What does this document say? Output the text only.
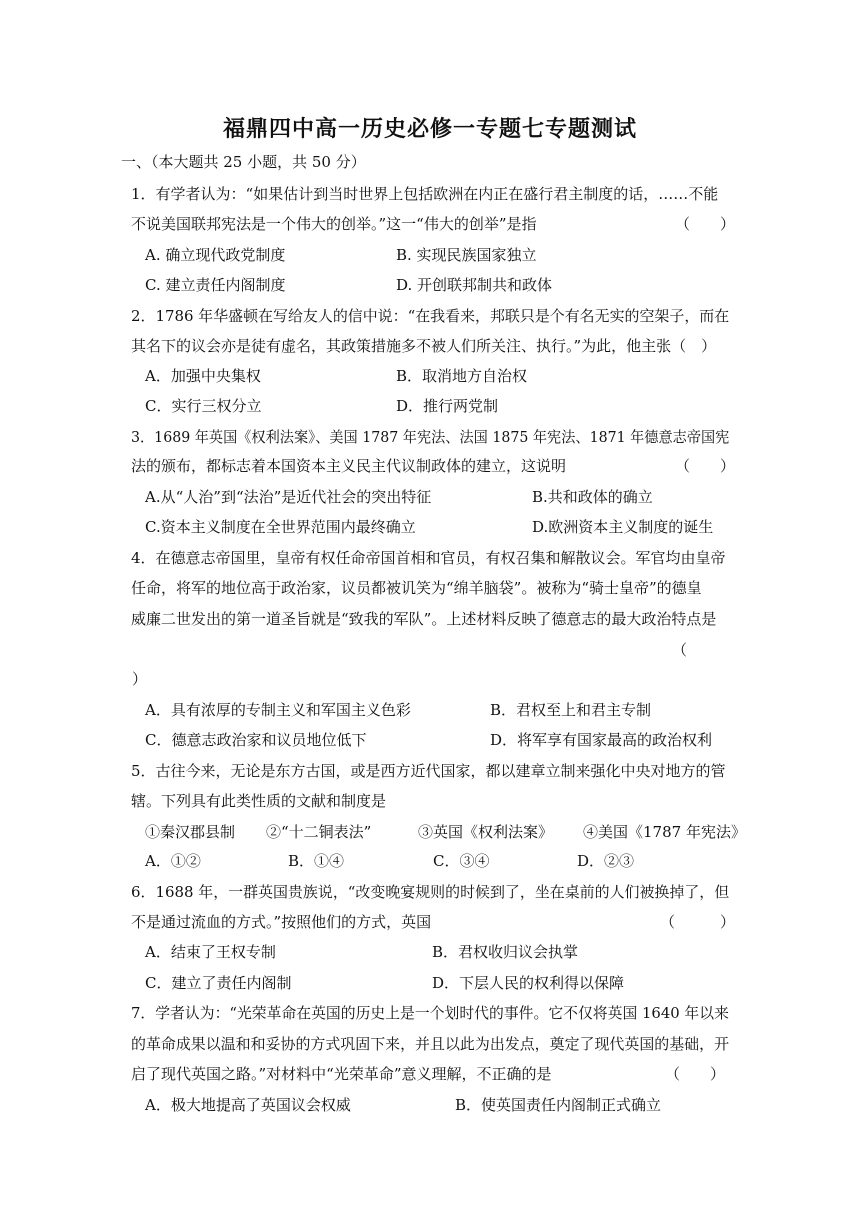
福鼎四中高一历史必修一专题七专题测试
一、（本大题共 25 小题，共 50 分）
1．有学者认为：“如果估计到当时世界上包括欧洲在内正在盛行君主制度的话，……不能
不说美国联邦宪法是一个伟大的创举。”这一“伟大的创举”是指	（　　）
A. 确立现代政党制度	B. 实现民族国家独立
C. 建立责任内阁制度	D. 开创联邦制共和政体
2．1786 年华盛顿在写给友人的信中说：“在我看来，邦联只是个有名无实的空架子，而在
其名下的议会亦是徒有虚名，其政策措施多不被人们所关注、执行。”为此，他主张（　）
A．加强中央集权	B．取消地方自治权
C．实行三权分立	D．推行两党制
3．1689 年英国《权利法案》、美国 1787 年宪法、法国 1875 年宪法、1871 年德意志帝国宪
法的颁布，都标志着本国资本主义民主代议制政体的建立，这说明	（　　）
A.从“人治”到“法治”是近代社会的突出特征	B.共和政体的确立
C.资本主义制度在全世界范围内最终确立	D.欧洲资本主义制度的诞生
4．在德意志帝国里，皇帝有权任命帝国首相和官员，有权召集和解散议会。军官均由皇帝
任命，将军的地位高于政治家，议员都被讥笑为“绵羊脑袋”。被称为“骑士皇帝”的德皇
威廉二世发出的第一道圣旨就是“致我的军队”。上述材料反映了德意志的最大政治特点是
（
）
A．具有浓厚的专制主义和军国主义色彩	B．君权至上和君主专制
C．德意志政治家和议员地位低下	D．将军享有国家最高的政治权利
5．古往今来，无论是东方古国，或是西方近代国家，都以建章立制来强化中央对地方的管
辖。下列具有此类性质的文献和制度是
①秦汉郡县制 ②“十二铜表法”	③英国《权利法案》 ④美国《1787 年宪法》
A．①②	B．①④	C．③④	D．②③
6．1688 年，一群英国贵族说，“改变晚宴规则的时候到了，坐在桌前的人们被换掉了，但
不是通过流血的方式。”按照他们的方式，英国	（　　　）
A．结束了王权专制	B．君权收归议会执掌
C．建立了责任内阁制	D．下层人民的权利得以保障
7．学者认为：“光荣革命在英国的历史上是一个划时代的事件。它不仅将英国 1640 年以来
的革命成果以温和和妥协的方式巩固下来，并且以此为出发点，奠定了现代英国的基础，开
启了现代英国之路。”对材料中“光荣革命”意义理解，不正确的是	（　　）
A．极大地提高了英国议会权威	B．使英国责任内阁制正式确立
